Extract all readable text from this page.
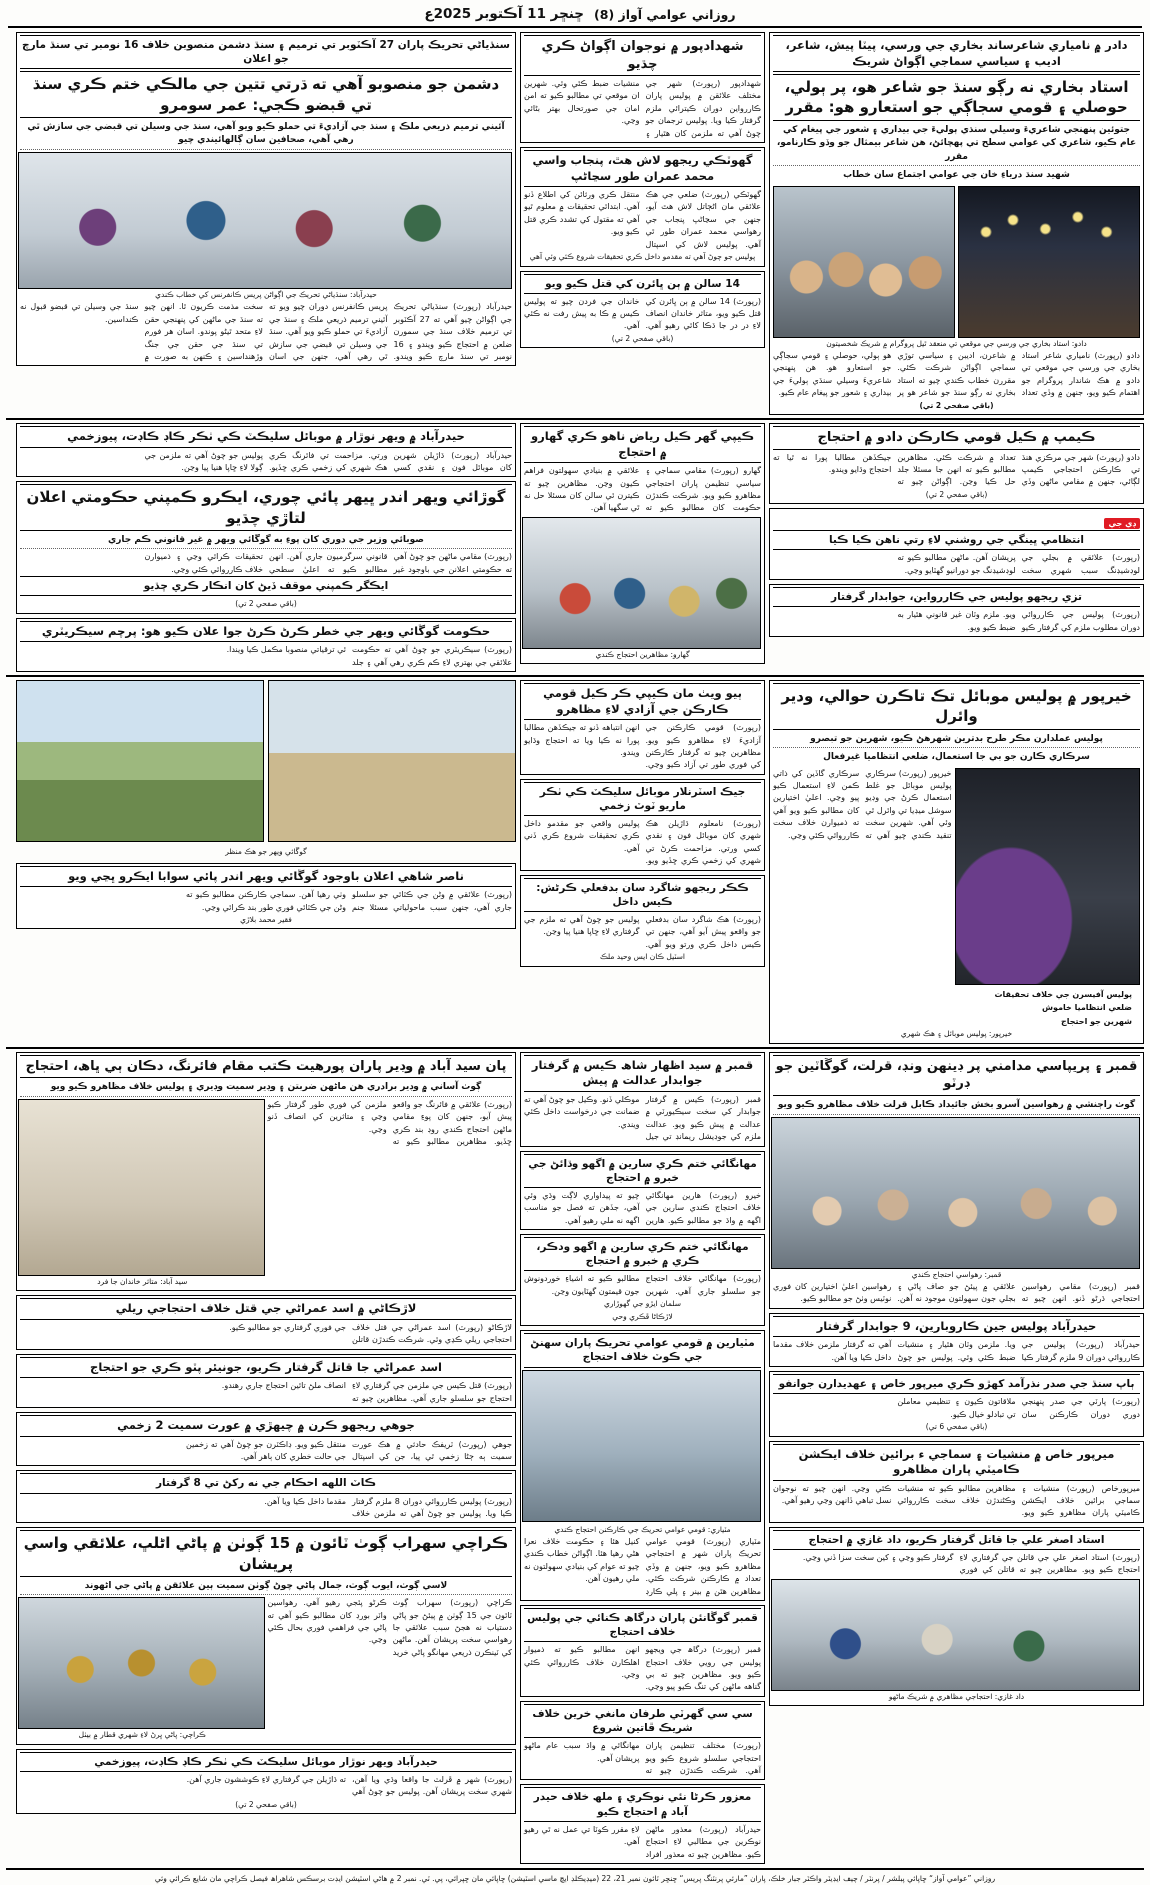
روزاني عوامي آواز (8)
ڇنڇر 11 آڪتوبر 2025ع
دادر ۾ نامياري شاعرساند بخاري جي ورسي، پيٽا پيش، شاعر، اديب ۽ سياسي سماجي اڳواڻ شريڪ
استاد بخاري نه رڳو سنڌ جو شاعر هو، پر ٻولي، حوصلي ۽ قومي سجاڳي جو استعارو هو: مقرر
جتوئين پنهنجي شاعريءَ وسيلي سنڌي ٻوليءَ جي بيداري ۽ شعور جي پيغام کي عام ڪيو، شاعري کي عوامي سطح تي پهچائڻ، هن شاعر بيمثال جو وڏو ڪارنامو، مقرر
شهيد سنڌ درياءِ خان جي عوامي اجتماع سان خطاب
دادو: استاد بخاري جي ورسي جي موقعي تي منعقد ٿيل پروگرام ۾ شريڪ شخصيتون
دادو (رپورٽ) نامياري شاعر استاد بخاري جي ورسي جي موقعي تي دادو ۾ هڪ شاندار پروگرام جو اهتمام ڪيو ويو، جنهن ۾ وڏي تعداد ۾ شاعرن، اديبن ۽ سياسي توڙي سماجي اڳواڻن شرڪت ڪئي. مقررن خطاب ڪندي چيو ته استاد بخاري نه رڳو سنڌ جو شاعر هو پر هو ٻولي، حوصلي ۽ قومي سجاڳي جو استعارو هو. هن پنهنجي شاعريءَ وسيلي سنڌي ٻوليءَ جي بيداري ۽ شعور جو پيغام عام ڪيو.
(باقي صفحي 2 تي)
شهدادپور ۾ نوجوان اڳواڻ ڪري چڌيو
شهدادپور (رپورٽ) شهر جي مختلف علائقن ۾ پوليس پاران ڪاررواين دوران ڪيترائي ملزم گرفتار ڪيا ويا. پوليس ترجمان جو چوڻ آهي ته ملزمن کان هٿيار ۽ منشيات ضبط ڪئي وئي. شهرين ان موقعي تي مطالبو ڪيو ته امن امان جي صورتحال بهتر بڻائي وڃي.
گهوٽڪي ريجھو لاش هٿ، پنجاب واسي محمد عمران طور سڃاڻپ
گهوٽڪي (رپورٽ) ضلعي جي هڪ علائقي مان اڻڄاتل لاش هٿ آيو، جنهن جي سڃاڻپ پنجاب جي رهواسي محمد عمران طور ٿي آهي. پوليس لاش کي اسپتال منتقل ڪري ورثائن کي اطلاع ڏنو آهي. ابتدائي تحقيقات ۾ معلوم ٿيو آهي ته مقتول کي تشدد ڪري قتل ڪيو ويو.
پوليس جو چوڻ آهي ته مقدمو داخل ڪري تحقيقات شروع ڪئي وئي آهي
14 سالن ۾ ٻن ڀائرن کي قتل ڪيو ويو
(رپورٽ) 14 سالن ۾ ٻن ڀائرن کي قتل ڪيو ويو، متاثر خاندان انصاف لاءِ در در جا ڌڪا کائي رهيو آهي. خاندان جي فردن چيو ته پوليس ڪيس ۾ ڪا به پيش رفت نه ڪئي آهي.
(باقي صفحي 2 تي)
سنڌياڻي تحريڪ پاران 27 آڪٽوبر تي ترميم ۽ سنڌ دشمن منصوبن خلاف 16 نومبر تي سنڌ مارچ جو اعلان
دشمن جو منصوبو آهي ته ڌرتي تتين جي مالڪي ختم ڪري سنڌ تي قبضو ڪجي: عمر سومرو
آئيني ترميم ذريعي ملڪ ۽ سنڌ جي آزاديءَ تي حملو ڪيو ويو آهي، سنڌ جي وسيلن تي قبضي جي سازش ٿي رهي آهي، صحافين سان ڳالهائيندي چيو
حيدرآباد: سنڌياڻي تحريڪ جي اڳواڻن پريس ڪانفرنس کي خطاب ڪندي
حيدرآباد (رپورٽ) سنڌياڻي تحريڪ جي اڳواڻن چيو آهي ته 27 آڪٽوبر تي ترميم خلاف سنڌ جي سمورن ضلعن ۾ احتجاج ڪيو ويندو ۽ 16 نومبر تي سنڌ مارچ ڪيو ويندو. پريس ڪانفرنس دوران چيو ويو ته آئيني ترميم ذريعي ملڪ ۽ سنڌ جي آزاديءَ تي حملو ڪيو ويو آهي. سنڌ جي وسيلن تي قبضي جي سازش ٿي رهي آهي، جنهن جي اسان سخت مذمت ڪريون ٿا. انهن چيو ته سنڌ جي ماڻهن کي پنهنجي حقن لاءِ متحد ٿيڻو پوندو. اسان هر فورم تي سنڌ جي حقن جي جنگ وڙهنداسين ۽ ڪنهن به صورت ۾ سنڌ جي وسيلن تي قبضو قبول نه ڪنداسين.
ڪيمپ ۾ ڪيل قومي ڪارڪن دادو ۾ احتجاج
دادو (رپورٽ) شهر جي مرڪزي هنڌ تي ڪارڪنن احتجاجي ڪيمپ لڳائي، جنهن ۾ مقامي ماڻهن وڏي تعداد ۾ شرڪت ڪئي. مظاهرين مطالبو ڪيو ته انهن جا مسئلا جلد حل ڪيا وڃن. اڳواڻن چيو ته جيڪڏهن مطالبا پورا نه ٿيا ته احتجاج وڌايو ويندو.
(باقي صفحي 2 تي)
ڊي جي
انتظامي ڀينگي جي روشني لاءِ رتي ناهن ڪيا ڪيا
(رپورٽ) علائقي ۾ بجلي جي لوڊشيڊنگ سبب شهري سخت پريشان آهن. ماڻهن مطالبو ڪيو ته لوڊشيڊنگ جو دورانيو گهٽايو وڃي.
تزي ريجھو پوليس جي ڪاررواين، جوابدار گرفتار
(رپورٽ) پوليس جي ڪارروائي دوران مطلوب ملزم کي گرفتار ڪيو ويو. ملزم وٽان غير قانوني هٿيار به ضبط ڪيو ويو.
ڪيپي گھر ڪيل رياض ناهو ڪري گھارو ۾ احتجاج
گھارو (رپورٽ) مقامي سماجي ۽ سياسي تنظيمن پاران احتجاجي مظاهرو ڪيو ويو. شرڪت ڪندڙن حڪومت کان مطالبو ڪيو ته علائقي ۾ بنيادي سهولتون فراهم ڪيون وڃن. مظاهرين چيو ته ڪيترن ئي سالن کان مسئلا حل نه ٿي سگهيا آهن.
گھارو: مظاهرين احتجاج ڪندي
حيدرآباد ۾ ويھر نوڙار ۾ موبائل سليڪٽ ڪي ٺڪر ڪاڊ ڪاڊت، پيوزخمي
حيدرآباد (رپورٽ) ڌاڙيلن شهرين کان موبائل فون ۽ نقدي کسي ورتي. مزاحمت تي فائرنگ ڪري هڪ شهري کي زخمي ڪري ڇڏيو. پوليس جو چوڻ آهي ته ملزمن جي ڳولا لاءِ ڇاپا هنيا پيا وڃن.
گوڙائي ويھر اندر ڀيھر پائي چوري، ايڪرو ڪمپني حڪومتي اعلان لتاڙي چڌيو
صوبائي وزير جي دوري کان پوءِ به گوڱائي ويھر ۾ غير قانوني ڪم جاري
(رپورٽ) مقامي ماڻهن جو چوڻ آهي ته حڪومتي اعلانن جي باوجود غير قانوني سرگرميون جاري آهن. انهن مطالبو ڪيو ته اعليٰ سطحي تحقيقات ڪرائي وڃي ۽ ذميوارن خلاف ڪارروائي ڪئي وڃي.
ايڪگر ڪمپني موقف ڏيڻ کان انڪار ڪري چڌيو
(باقي صفحي 2 تي)
حڪومت گوڱائي ويھر جي خطر ڪرڻ ڪرڻ جوا علان ڪيو هو: پرچم سيڪريٽري
(رپورٽ) سيڪريٽري جو چوڻ آهي ته حڪومت علائقي جي بهتري لاءِ ڪم ڪري رهي آهي ۽ جلد ئي ترقياتي منصوبا مڪمل ڪيا ويندا.
خيرپور ۾ پوليس موبائل تڪ تاڪرن حوالي، ودير وائرل
پوليس عملدارن مڪر طرح بدترين شهرهڻ ڪيو، شهرين جو تبصرو
سرڪاري ڪارن جو بي جا استعمال، ضلعي انتظاميا غيرفعال
خيرپور (رپورٽ) سرڪاري پوليس موبائل جو غلط استعمال ڪرڻ جي وڊيو سوشل ميڊيا تي وائرل ٿي وئي آهي. شهرين سخت تنقيد ڪندي چيو آهي ته سرڪاري گاڏين کي ذاتي ڪمن لاءِ استعمال ڪيو پيو وڃي. اعليٰ اختيارين کان مطالبو ڪيو ويو آهي ته ذميوارن خلاف سخت ڪارروائي ڪئي وڃي.
پوليس آفيسرن جي خلاف تحقيقات
ضلعي انتظاميا خاموش
شهرين جو احتجاج
خيرپور: پوليس موبائل ۽ هڪ شهري
ٻيو ويٺ مان ڪيپي ڪر ڪيل قومي ڪارڪن جي آزادي لاءِ مظاهرو
(رپورٽ) قومي ڪارڪنن جي آزاديءَ لاءِ مظاهرو ڪيو ويو. مظاهرين چيو ته گرفتار ڪارڪنن کي فوري طور تي آزاد ڪيو وڃي. انهن انتباهه ڏنو ته جيڪڏهن مطالبا پورا نه ڪيا ويا ته احتجاج وڌايو ويندو.
جيڪ اسٽرنلار موبائل سليڪٽ ڪي ٺڪر ماريو ٽوٽ زخمي
(رپورٽ) نامعلوم ڌاڙيلن هڪ شهري کان موبائل فون ۽ نقدي کسي ورتي. مزاحمت ڪرڻ تي شهري کي زخمي ڪري ڇڏيو ويو. پوليس واقعي جو مقدمو داخل ڪري تحقيقات شروع ڪري ڏني آهي.
ڪڪر ريجھو شاگرد سان بدفعلي ڪرڻش: ڪيس داخل
(رپورٽ) هڪ شاگرد سان بدفعلي جو واقعو پيش آيو آهي، جنهن تي ڪيس داخل ڪري ورتو ويو آهي. پوليس جو چوڻ آهي ته ملزم جي گرفتاري لاءِ ڇاپا هنيا پيا وڃن.
اسٽيل ڪان ايس وحيد ملڪ
گوڱائي ويھر جو هڪ منظر
ناصر شاھي اعلان باوجود گوڱائي ويھر اندر پائي سوابا ايڪرو ڀڃي ويو
(رپورٽ) علائقي ۾ وڻن جي ڪٽائي جو سلسلو جاري آهي، جنهن سبب ماحولياتي مسئلا جنم وٺي رهيا آهن. سماجي ڪارڪنن مطالبو ڪيو ته وڻن جي ڪٽائي فوري طور بند ڪرائي وڃي.
فقير محمد بلاڙي
قمبر ۽ پريپاسي مدامني پر ڊينهن ونڊ، قرلت، گوڱاٽين جو ڊرٽو
گوٺ راڄنشي ۾ رهواسين آسرو بخش جائيداد ڪابل قرلت خلاف مظاهرو ڪيو ويو
قمبر: رهواسي احتجاج ڪندي
قمبر (رپورٽ) مقامي رهواسين احتجاجي ڌرڻو ڏنو. انهن چيو ته علائقي ۾ پيئڻ جو صاف پاڻي ۽ بجلي جون سهولتون موجود نه آهن. رهواسين اعليٰ اختيارين کان فوري نوٽيس وٺڻ جو مطالبو ڪيو.
حيدرآباد پوليس جين ڪاروبارين، 9 جوابدار گرفتار
حيدرآباد (رپورٽ) پوليس جي ڪارروائي دوران 9 ملزم گرفتار ڪيا ويا. ملزمن وٽان هٿيار ۽ منشيات ضبط ڪئي وئي. پوليس جو چوڻ آهي ته گرفتار ملزمن خلاف مقدما داخل ڪيا ويا آهن.
ٻاپ سنڌ جي صدر نذرآمد کھڙو ڪري ميرپور خاص ۽ عهديدارن جوانفو
(رپورٽ) پارٽي جي صدر پنهنجي دوري دوران ڪارڪنن سان ملاقاتون ڪيون ۽ تنظيمي معاملن تي تبادلو خيال ڪيو.
(باقي صفحي 6 تي)
ميرپور خاص ۾ منشيات ۽ سماجي ء برائين خلاف ايڪشن ڪاميٽي پاران مظاهرو
ميرپورخاص (رپورٽ) منشيات ۽ سماجي برائين خلاف ايڪشن ڪاميٽي پاران مظاهرو ڪيو ويو. مظاهرين مطالبو ڪيو ته منشيات وڪڻندڙن خلاف سخت ڪارروائي ڪئي وڃي. انهن چيو ته نوجوان نسل تباهي ڏانهن وڃي رهيو آهي.
استاد اصغر علي جا قاتل گرفتار ڪريو، داد غازي ۾ احتجاج
(رپورٽ) استاد اصغر علي جي قاتلن جي گرفتاري لاءِ احتجاج ڪيو ويو. مظاهرين چيو ته قاتلن کي فوري گرفتار ڪيو وڃي ۽ کين سخت سزا ڏني وڃي.
داد غازي: احتجاجي مظاهري ۾ شريڪ ماڻهو
قمبر ۾ سيد اظهار شاھ ڪيس ۾ گرفتار جوابدار عدالت ۾ پيش
قمبر (رپورٽ) ڪيس ۾ گرفتار جوابدار کي سخت سيڪيورٽي ۾ عدالت ۾ پيش ڪيو ويو. عدالت ملزم کي جوڊيشل ريمانڊ تي جيل موڪلي ڏنو. وڪيل جو چوڻ آهي ته ضمانت جي درخواست داخل ڪئي ويندي.
مهانگائي ختم ڪري سارين ۾ اگهو وڌائڻ جي خبرو ۾ احتجاج
خيرو (رپورٽ) هارين مهانگائي خلاف احتجاج ڪندي سارين جي اگهه ۾ واڌ جو مطالبو ڪيو. هارين چيو ته پيداواري لاڳت وڌي وئي آهي، جڏهن ته فصل جو مناسب اگهه نه ملي رهيو آهي.
مهانگائي ختم ڪري سارين ۾ اگهو ودڪر، ڪري ۾ خبرو ۾ احتجاج
(رپورٽ) مهانگائي خلاف احتجاج جو سلسلو جاري آهي. شهرين مطالبو ڪيو ته اشياءِ خوردونوش جون قيمتون گهٽايون وڃن.
سلمان ايڙو جي گهوڙاري
لاڙڪاڻا ڦڪري وحي
مٽيارين ۾ قومي عوامي تحريڪ پاران سهنڻ جي ڪوٽ خلاف احتجاج
مٽياري: قومي عوامي تحريڪ جي ڪارڪنن احتجاج ڪندي
مٽياري (رپورٽ) قومي عوامي تحريڪ پاران شهر ۾ احتجاجي مظاهرو ڪيو ويو، جنهن ۾ وڏي تعداد ۾ ڪارڪنن شرڪت ڪئي. مظاهرين هٿن ۾ بينر ۽ پلي ڪارڊ کنيل هئا ۽ حڪومت خلاف نعرا هڻي رهيا هئا. اڳواڻن خطاب ڪندي چيو ته عوام کي بنيادي سهولتون نه ملي رهيون آهن.
قمبر گوڱانئن پاران درگاھ ڪنائي جي پوليس خلاف احتجاج
قمبر (رپورٽ) درگاھ جي ويجهو پوليس جي رويي خلاف احتجاج ڪيو ويو. مظاهرين چيو ته بي گناهه ماڻهن کي تنگ ڪيو پيو وڃي. انهن مطالبو ڪيو ته ذميوار اهلڪارن خلاف ڪارروائي ڪئي وڃي.
سي سي گهرٽي طرفان مانغي خرين خلاف شريڪ ڦاتين شروع
(رپورٽ) مختلف تنظيمن پاران احتجاجي سلسلو شروع ڪيو ويو آهي. شرڪت ڪندڙن چيو ته مهانگائي ۾ واڌ سبب عام ماڻهو پريشان آهي.
معزور ڪرڻا نئي نوڪري ۽ ملھ خلاف حيدر آباد ۾ احتجاج ڪيو
حيدرآباد (رپورٽ) معذور ماڻهن نوڪرين جي مطالبي لاءِ احتجاج ڪيو. مظاهرين چيو ته معذور افراد لاءِ مقرر ڪوٽا تي عمل نه ٿي رهيو آهي.
پان سيد آباد ۾ وڊير پاران پورهيت ڪتب مقام فائرنگ، دڪان ٻي ڀاھ، احتجاج
ڳوٺ آساني ۾ وڊير برادري هن ماڻهن ضربتن ۽ وڊير سميت وڊيري ۽ پوليس خلاف مظاهرو ڪيو ويو
(رپورٽ) علائقي ۾ فائرنگ جو واقعو پيش آيو، جنهن کان پوءِ مقامي ماڻهن احتجاج ڪندي روڊ بند ڪري ڇڏيو. مظاهرين مطالبو ڪيو ته ملزمن کي فوري طور گرفتار ڪيو وڃي ۽ متاثرين کي انصاف ڏنو وڃي.
سيد آباد: متاثر خاندان جا فرد
لاڙڪاڻي ۾ اسد عمراڻي جي قتل خلاف احتجاجي ريلي
لاڙڪاڻو (رپورٽ) اسد عمراڻي جي قتل خلاف احتجاجي ريلي ڪڍي وئي. شرڪت ڪندڙن قاتلن جي فوري گرفتاري جو مطالبو ڪيو.
اسد عمراڻي جا قاتل گرفتار ڪريو، جونيئر پٽو ڪري جو احتجاج
(رپورٽ) قتل ڪيس جي ملزمن جي گرفتاري لاءِ احتجاج جو سلسلو جاري آهي. مظاهرين چيو ته انصاف ملڻ تائين احتجاج جاري رهندو.
جوهي ريجھو ڪرن ۾ چيھڙي ۾ عورت سميت 2 زخمي
جوهي (رپورٽ) ٽريفڪ حادثي ۾ هڪ عورت سميت ٻه ڄڻا زخمي ٿي پيا، جن کي اسپتال منتقل ڪيو ويو. ڊاڪٽرن جو چوڻ آهي ته زخمين جي حالت خطري کان ٻاهر آهي.
ڪاٽ اللهه احڪام جي نه رکڻ تي 8 گرفتار
(رپورٽ) پوليس ڪارروائي دوران 8 ملزم گرفتار ڪيا ويا. پوليس جو چوڻ آهي ته ملزمن خلاف مقدما داخل ڪيا ويا آهن.
ڪراچي سهراب ڳوٺ ٽائون ۾ 15 ڳوٺن ۾ پاڻي اڻلڀ، علائقي واسي پريشان
لاسي ڳوٺ، ايوب ڳوٺ، جمال پاڻي چوڻ ڳوٺن سميت ٻين علائقن ۾ پاڻي جي اڻهوند
ڪراچي (رپورٽ) سهراب ڳوٺ ٽائون جي 15 ڳوٺن ۾ پيئڻ جو پاڻي دستياب نه هجڻ سبب علائقي جا رهواسي سخت پريشان آهن. ماڻهن کي ٽينڪرن ذريعي مهانگو پاڻي خريد ڪرڻو پئجي رهيو آهي. رهواسين واٽر بورڊ کان مطالبو ڪيو آهي ته پاڻي جي فراهمي فوري بحال ڪئي وڃي.
ڪراچي: پاڻي ڀرڻ لاءِ شهري قطار ۾ بيٺل
حيدرآباد ويھر نوڙار موبائل سليڪٽ ڪي ٺڪر ڪاڊ ڪاڊت، پيوزخمي
(رپورٽ) شهر ۾ ڦرلٽ جا واقعا وڌي ويا آهن، شهري سخت پريشان آهن. پوليس جو چوڻ آهي ته ڌاڙيلن جي گرفتاري لاءِ ڪوششون جاري آهن.
(باقي صفحي 2 تي)
روزاني ”عوامي آواز“ ڇاپائي پبلشر / پرنٽر / چيف ايڊيٽر واڪٽر جبار خلڪ، پاران ”مارئي پرنٽنگ پريس“ ڇنڇر ٽائون نمبر 21، 22 (ميڊيڪلڊ ايڇ ماسي اسٽيشن) ڇاپائي مان ڇپرائي، پي. ٽي. نمبر 2 ۾ هاڻي اسٽيشن ايڊت برسڪس شاهراھ فيصل ڪراچي مان شايع ڪرائي وئي
